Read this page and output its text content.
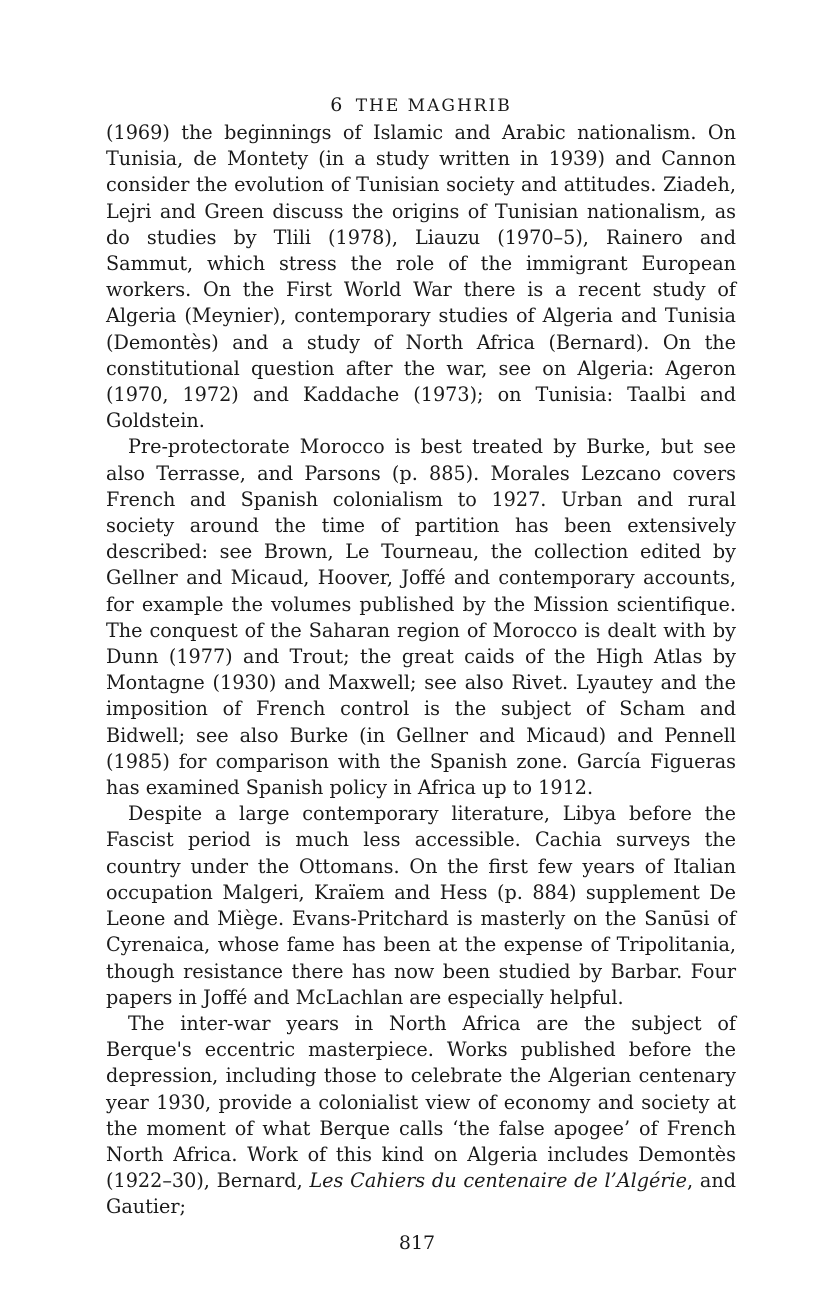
6 THE MAGHRIB

(1969) the beginnings of Islamic and Arabic nationalism. On Tunisia, de Montety (in a study written in 1939) and Cannon consider the evolution of Tunisian society and attitudes. Ziadeh, Lejri and Green discuss the origins of Tunisian nationalism, as do studies by Tlili (1978), Liauzu (1970–5), Rainero and Sammut, which stress the role of the immigrant European workers. On the First World War there is a recent study of Algeria (Meynier), contemporary studies of Algeria and Tunisia (Demontès) and a study of North Africa (Bernard). On the constitutional question after the war, see on Algeria: Ageron (1970, 1972) and Kaddache (1973); on Tunisia: Taalbi and Goldstein.

Pre-protectorate Morocco is best treated by Burke, but see also Terrasse, and Parsons (p. 885). Morales Lezcano covers French and Spanish colonialism to 1927. Urban and rural society around the time of partition has been extensively described: see Brown, Le Tourneau, the collection edited by Gellner and Micaud, Hoover, Joffé and contemporary accounts, for example the volumes published by the Mission scientifique. The conquest of the Saharan region of Morocco is dealt with by Dunn (1977) and Trout; the great caids of the High Atlas by Montagne (1930) and Maxwell; see also Rivet. Lyautey and the imposition of French control is the subject of Scham and Bidwell; see also Burke (in Gellner and Micaud) and Pennell (1985) for comparison with the Spanish zone. García Figueras has examined Spanish policy in Africa up to 1912.

Despite a large contemporary literature, Libya before the Fascist period is much less accessible. Cachia surveys the country under the Ottomans. On the first few years of Italian occupation Malgeri, Kraïem and Hess (p. 884) supplement De Leone and Miège. Evans-Pritchard is masterly on the Sanūsi of Cyrenaica, whose fame has been at the expense of Tripolitania, though resistance there has now been studied by Barbar. Four papers in Joffé and McLachlan are especially helpful.

The inter-war years in North Africa are the subject of Berque's eccentric masterpiece. Works published before the depression, including those to celebrate the Algerian centenary year 1930, provide a colonialist view of economy and society at the moment of what Berque calls ‘the false apogee’ of French North Africa. Work of this kind on Algeria includes Demontès (1922–30), Bernard, Les Cahiers du centenaire de l’Algérie, and Gautier;

817
